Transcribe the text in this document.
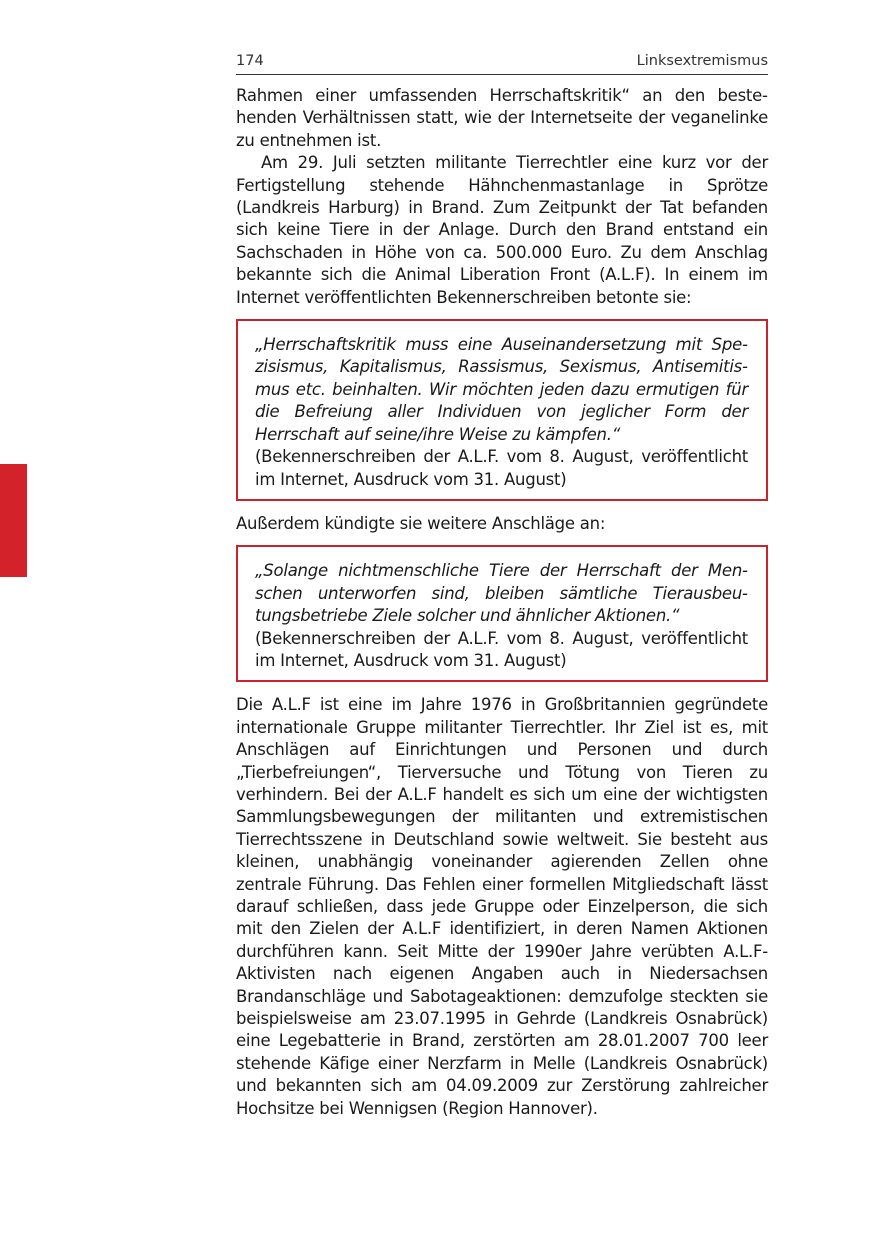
174	Linksextremismus

Rahmen einer umfassenden Herrschaftskritik“ an den bestehenden Verhältnissen statt, wie der Internetseite der veganelinke zu entnehmen ist.

Am 29. Juli setzten militante Tierrechtler eine kurz vor der Fertigstellung stehende Hähnchenmastanlage in Sprötze (Landkreis Harburg) in Brand. Zum Zeitpunkt der Tat befanden sich keine Tiere in der Anlage. Durch den Brand entstand ein Sachschaden in Höhe von ca. 500.000 Euro. Zu dem Anschlag bekannte sich die Animal Liberation Front (A.L.F). In einem im Internet veröffentlichten Bekennerschreiben betonte sie:

„Herrschaftskritik muss eine Auseinandersetzung mit Spezisismus, Kapitalismus, Rassismus, Sexismus, Antisemitismus etc. beinhalten. Wir möchten jeden dazu ermutigen für die Befreiung aller Individuen von jeglicher Form der Herrschaft auf seine/ihre Weise zu kämpfen.“

(Bekennerschreiben der A.L.F. vom 8. August, veröffentlicht im Internet, Ausdruck vom 31. August)

Außerdem kündigte sie weitere Anschläge an:

„Solange nichtmenschliche Tiere der Herrschaft der Menschen unterworfen sind, bleiben sämtliche Tierausbeutungsbetriebe Ziele solcher und ähnlicher Aktionen.“

(Bekennerschreiben der A.L.F. vom 8. August, veröffentlicht im Internet, Ausdruck vom 31. August)

Die A.L.F ist eine im Jahre 1976 in Großbritannien gegründete internationale Gruppe militanter Tierrechtler. Ihr Ziel ist es, mit Anschlägen auf Einrichtungen und Personen und durch „Tierbefreiungen“, Tierversuche und Tötung von Tieren zu verhindern. Bei der A.L.F handelt es sich um eine der wichtigsten Sammlungsbewegungen der militanten und extremistischen Tierrechtsszene in Deutschland sowie weltweit. Sie besteht aus kleinen, unabhängig voneinander agierenden Zellen ohne zentrale Führung. Das Fehlen einer formellen Mitgliedschaft lässt darauf schließen, dass jede Gruppe oder Einzelperson, die sich mit den Zielen der A.L.F identifiziert, in deren Namen Aktionen durchführen kann. Seit Mitte der 1990er Jahre verübten A.L.F-Aktivisten nach eigenen Angaben auch in Niedersachsen Brandanschläge und Sabotageaktionen: demzufolge steckten sie beispielsweise am 23.07.1995 in Gehrde (Landkreis Osnabrück) eine Legebatterie in Brand, zerstörten am 28.01.2007 700 leer stehende Käfige einer Nerzfarm in Melle (Landkreis Osnabrück) und bekannten sich am 04.09.2009 zur Zerstörung zahlreicher Hochsitze bei Wennigsen (Region Hannover).
